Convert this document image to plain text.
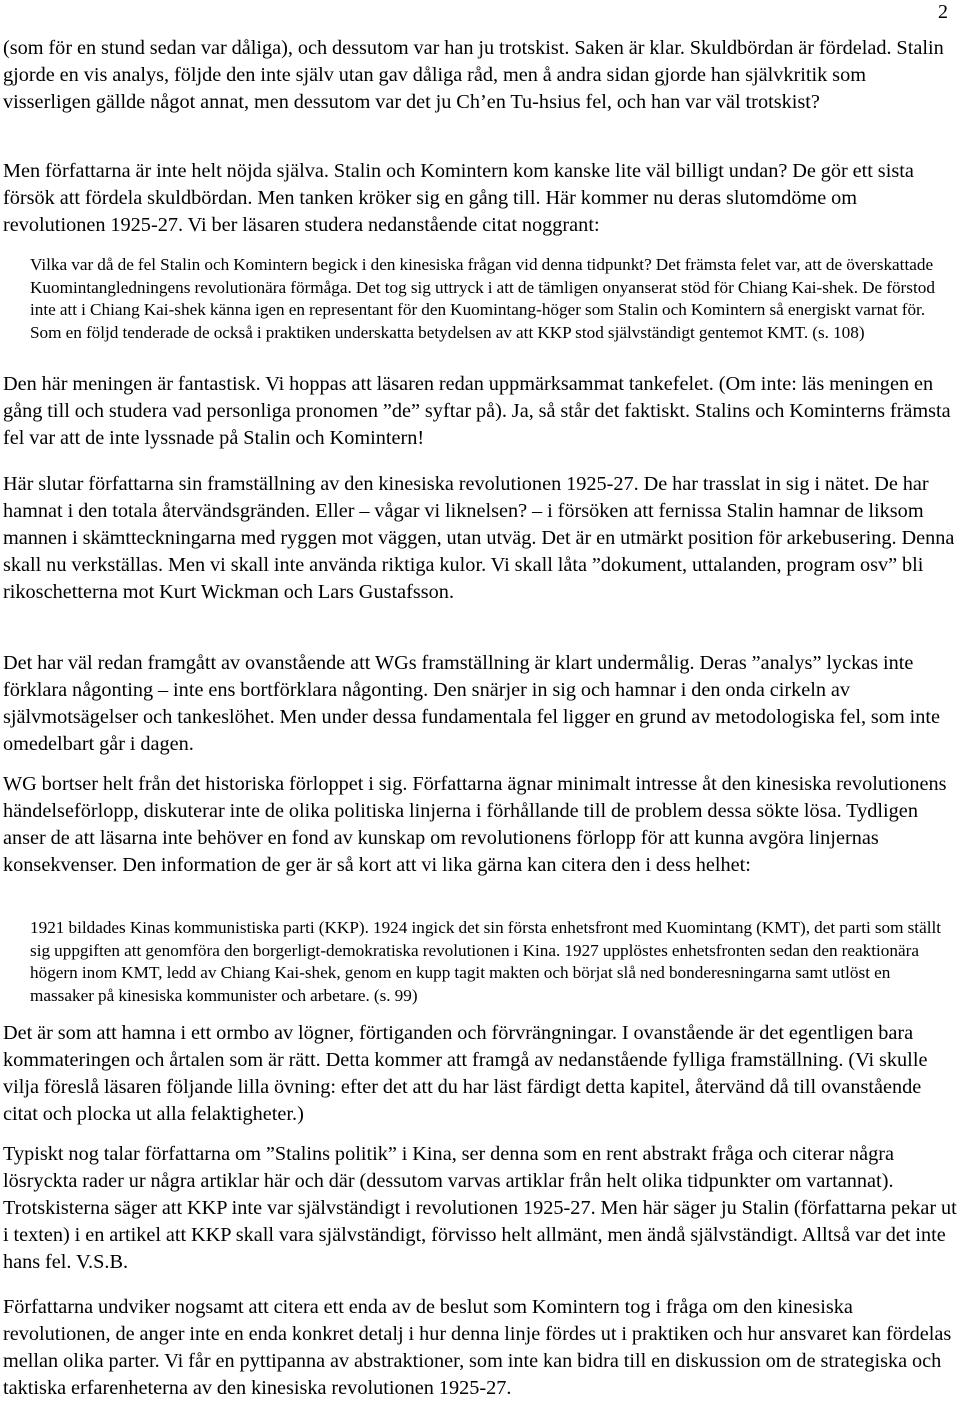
2

(som för en stund sedan var dåliga), och dessutom var han ju trotskist. Saken är klar. Skuldbördan är fördelad. Stalin gjorde en vis analys, följde den inte själv utan gav dåliga råd, men å andra sidan gjorde han självkritik som visserligen gällde något annat, men dessutom var det ju Ch’en Tu-hsius fel, och han var väl trotskist?

Men författarna är inte helt nöjda själva. Stalin och Komintern kom kanske lite väl billigt undan? De gör ett sista försök att fördela skuldbördan. Men tanken kröker sig en gång till. Här kommer nu deras slutomdöme om revolutionen 1925-27. Vi ber läsaren studera nedanstående citat noggrant:

Vilka var då de fel Stalin och Komintern begick i den kinesiska frågan vid denna tidpunkt? Det främsta felet var, att de överskattade Kuomintangledningens revolutionära förmåga. Det tog sig uttryck i att de tämligen onyanserat stöd för Chiang Kai-shek. De förstod inte att i Chiang Kai-shek känna igen en representant för den Kuomintang-höger som Stalin och Komintern så energiskt varnat för. Som en följd tenderade de också i praktiken underskatta betydelsen av att KKP stod självständigt gentemot KMT. (s. 108)

Den här meningen är fantastisk. Vi hoppas att läsaren redan uppmärksammat tankefelet. (Om inte: läs meningen en gång till och studera vad personliga pronomen ”de” syftar på). Ja, så står det faktiskt. Stalins och Kominterns främsta fel var att de inte lyssnade på Stalin och Komintern!

Här slutar författarna sin framställning av den kinesiska revolutionen 1925-27. De har trasslat in sig i nätet. De har hamnat i den totala återvändsgränden. Eller – vågar vi liknelsen? – i försöken att fernissa Stalin hamnar de liksom mannen i skämtteckningarna med ryggen mot väggen, utan utväg. Det är en utmärkt position för arkebusering. Denna skall nu verkställas. Men vi skall inte använda riktiga kulor. Vi skall låta ”dokument, uttalanden, program osv” bli rikoschetterna mot Kurt Wickman och Lars Gustafsson.

Det har väl redan framgått av ovanstående att WGs framställning är klart undermålig. Deras ”analys” lyckas inte förklara någonting – inte ens bortförklara någonting. Den snärjer in sig och hamnar i den onda cirkeln av självmotsägelser och tankeslöhet. Men under dessa fundamentala fel ligger en grund av metodologiska fel, som inte omedelbart går i dagen.

WG bortser helt från det historiska förloppet i sig. Författarna ägnar minimalt intresse åt den kinesiska revolutionens händelseförlopp, diskuterar inte de olika politiska linjerna i förhållande till de problem dessa sökte lösa. Tydligen anser de att läsarna inte behöver en fond av kunskap om revolutionens förlopp för att kunna avgöra linjernas konsekvenser. Den information de ger är så kort att vi lika gärna kan citera den i dess helhet:

1921 bildades Kinas kommunistiska parti (KKP). 1924 ingick det sin första enhetsfront med Kuomintang (KMT), det parti som ställt sig uppgiften att genomföra den borgerligt-demokratiska revolutionen i Kina. 1927 upplöstes enhetsfronten sedan den reaktionära högern inom KMT, ledd av Chiang Kai-shek, genom en kupp tagit makten och börjat slå ned bonderesningarna samt utlöst en massaker på kinesiska kommunister och arbetare. (s. 99)

Det är som att hamna i ett ormbo av lögner, förtiganden och förvrängningar. I ovanstående är det egentligen bara kommateringen och årtalen som är rätt. Detta kommer att framgå av nedanstående fylliga framställning. (Vi skulle vilja föreslå läsaren följande lilla övning: efter det att du har läst färdigt detta kapitel, återvänd då till ovanstående citat och plocka ut alla felaktigheter.)

Typiskt nog talar författarna om ”Stalins politik” i Kina, ser denna som en rent abstrakt fråga och citerar några lösryckta rader ur några artiklar här och där (dessutom varvas artiklar från helt olika tidpunkter om vartannat). Trotskisterna säger att KKP inte var självständigt i revolutionen 1925-27. Men här säger ju Stalin (författarna pekar ut i texten) i en artikel att KKP skall vara självständigt, förvisso helt allmänt, men ändå självständigt. Alltså var det inte hans fel. V.S.B.

Författarna undviker nogsamt att citera ett enda av de beslut som Komintern tog i fråga om den kinesiska revolutionen, de anger inte en enda konkret detalj i hur denna linje fördes ut i praktiken och hur ansvaret kan fördelas mellan olika parter. Vi får en pyttipanna av abstraktioner, som inte kan bidra till en diskussion om de strategiska och taktiska erfarenheterna av den kinesiska revolutionen 1925-27.
